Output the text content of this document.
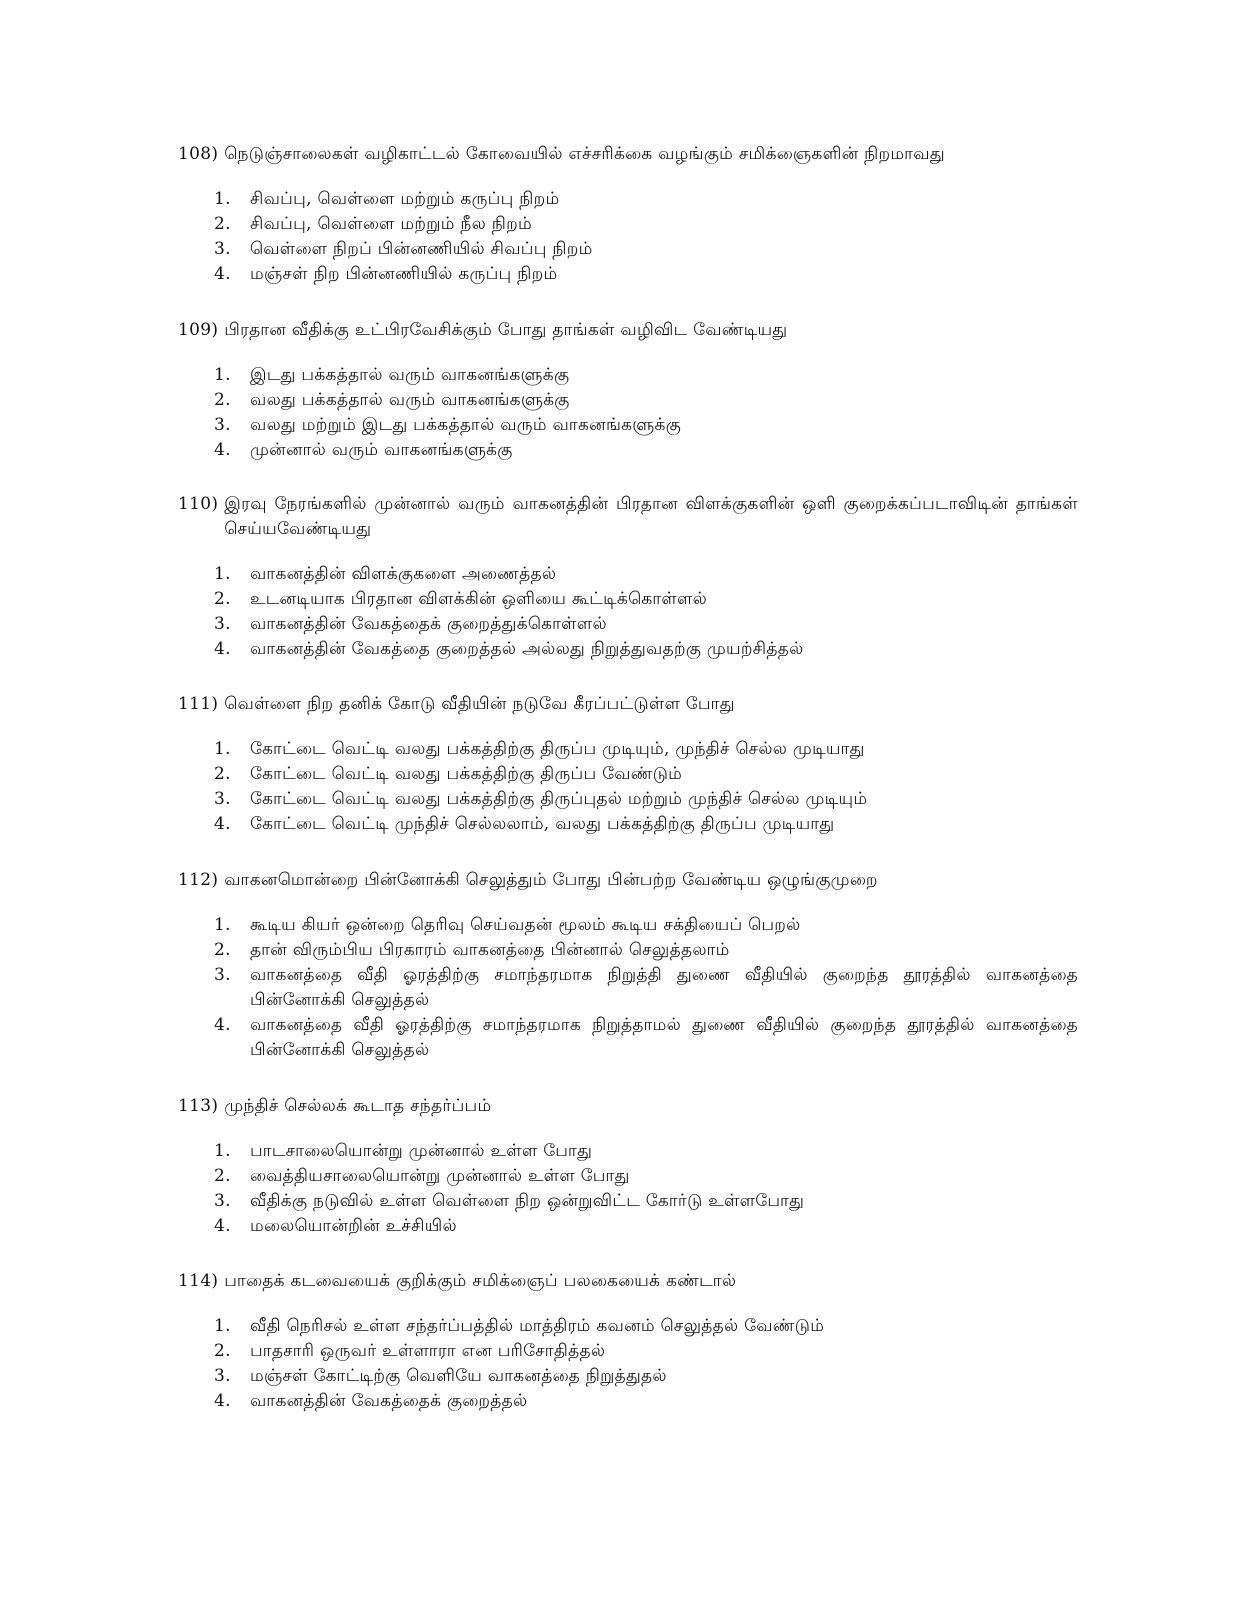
108) நெடுஞ்சாலைகள் வழிகாட்டல் கோவையில் எச்சரிக்கை வழங்கும் சமிக்ஞைகளின் நிறமாவது
1.	சிவப்பு, வெள்ளை மற்றும் கருப்பு நிறம்
2.	சிவப்பு, வெள்ளை மற்றும் நீல நிறம்
3.	வெள்ளை நிறப் பின்னணியில் சிவப்பு நிறம்
4.	மஞ்சள் நிற பின்னணியில் கருப்பு நிறம்
109) பிரதான வீதிக்கு உட்பிரவேசிக்கும் போது தாங்கள் வழிவிட வேண்டியது
1.	இடது பக்கத்தால் வரும் வாகனங்களுக்கு
2.	வலது பக்கத்தால் வரும் வாகனங்களுக்கு
3.	வலது மற்றும் இடது பக்கத்தால் வரும் வாகனங்களுக்கு
4.	முன்னால் வரும் வாகனங்களுக்கு
110) இரவு நேரங்களில் முன்னால் வரும் வாகனத்தின் பிரதான விளக்குகளின் ஒளி குறைக்கப்படாவிடின் தாங்கள் செய்யவேண்டியது
1.	வாகனத்தின் விளக்குகளை அணைத்தல்
2.	உடனடியாக பிரதான விளக்கின் ஒளியை கூட்டிக்கொள்ளல்
3.	வாகனத்தின் வேகத்தைக் குறைத்துக்கொள்ளல்
4.	வாகனத்தின் வேகத்தை குறைத்தல் அல்லது நிறுத்துவதற்கு முயற்சித்தல்
111) வெள்ளை நிற தனிக் கோடு வீதியின் நடுவே கீரப்பட்டுள்ள போது
1.	கோட்டை வெட்டி வலது பக்கத்திற்கு திருப்ப முடியும், முந்திச் செல்ல முடியாது
2.	கோட்டை வெட்டி வலது பக்கத்திற்கு திருப்ப வேண்டும்
3.	கோட்டை வெட்டி வலது பக்கத்திற்கு திருப்புதல் மற்றும் முந்திச் செல்ல முடியும்
4.	கோட்டை வெட்டி முந்திச் செல்லலாம், வலது பக்கத்திற்கு திருப்ப முடியாது
112) வாகனமொன்றை பின்னோக்கி செலுத்தும் போது பின்பற்ற வேண்டிய ஒழுங்குமுறை
1.	கூடிய கியர் ஒன்றை தெரிவு செய்வதன் மூலம் கூடிய சக்தியைப் பெறல்
2.	தான் விரும்பிய பிரகாரம் வாகனத்தை பின்னால் செலுத்தலாம்
3.	வாகனத்தை வீதி ஓரத்திற்கு சமாந்தரமாக நிறுத்தி துணை வீதியில் குறைந்த தூரத்தில் வாகனத்தை பின்னோக்கி செலுத்தல்
4.	வாகனத்தை வீதி ஓரத்திற்கு சமாந்தரமாக நிறுத்தாமல் துணை வீதியில் குறைந்த தூரத்தில் வாகனத்தை பின்னோக்கி செலுத்தல்
113) முந்திச் செல்லக் கூடாத சந்தர்ப்பம்
1.	பாடசாலையொன்று முன்னால் உள்ள போது
2.	வைத்தியசாலையொன்று முன்னால் உள்ள போது
3.	வீதிக்கு நடுவில் உள்ள வெள்ளை நிற ஒன்றுவிட்ட கோர்டு உள்ளபோது
4.	மலையொன்றின் உச்சியில்
114) பாதைக் கடவையைக் குறிக்கும் சமிக்ஞைப் பலகையைக் கண்டால்
1.	வீதி நெரிசல் உள்ள சந்தர்ப்பத்தில் மாத்திரம் கவனம் செலுத்தல் வேண்டும்
2.	பாதசாரி ஒருவர் உள்ளாரா என பரிசோதித்தல்
3.	மஞ்சள் கோட்டிற்கு வெளியே வாகனத்தை நிறுத்துதல்
4.	வாகனத்தின் வேகத்தைக் குறைத்தல்
